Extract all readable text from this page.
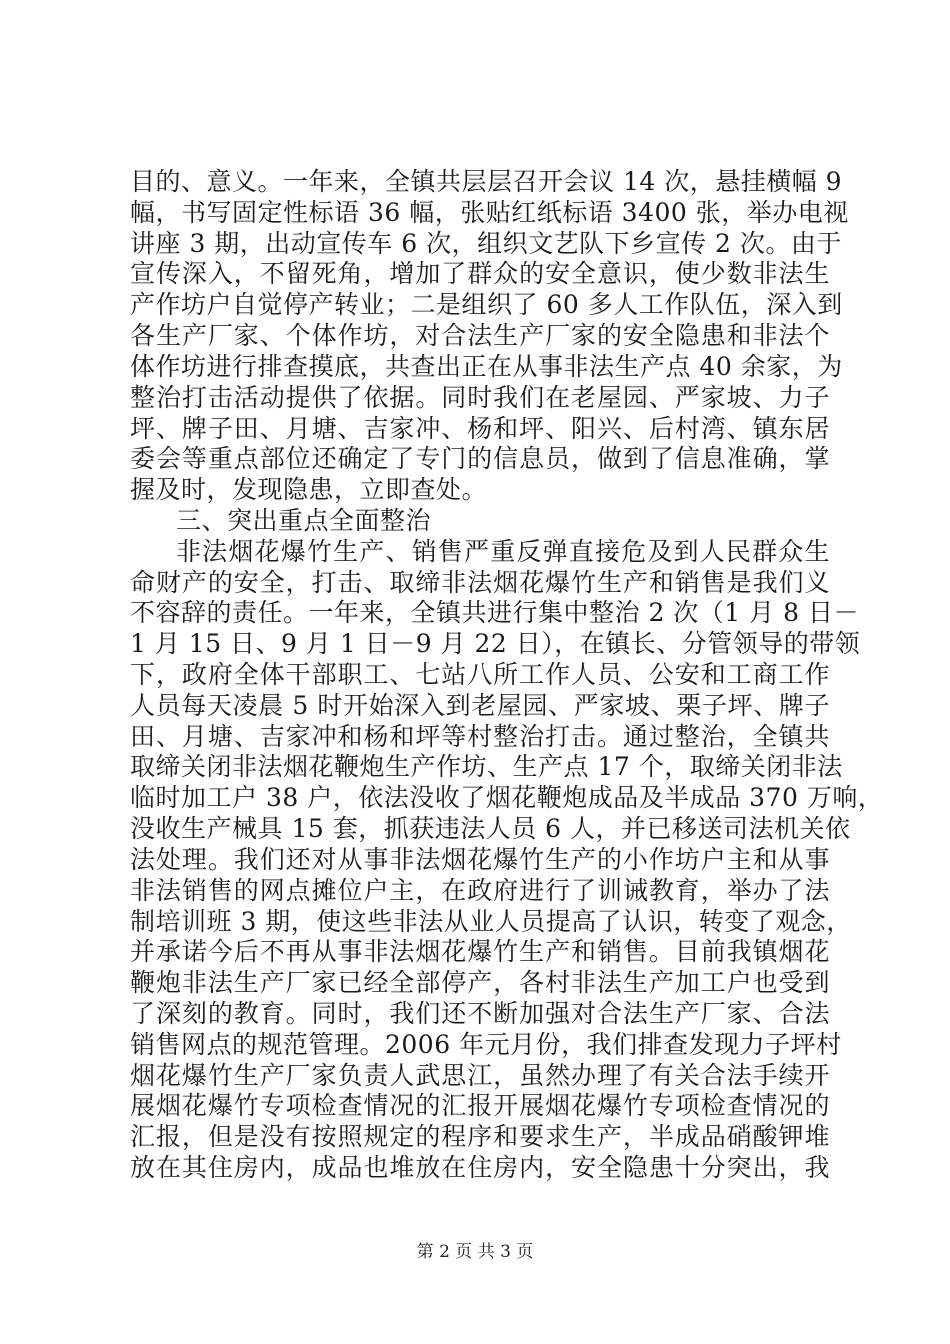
目的、意义。一年来，全镇共层层召开会议 14 次，悬挂横幅 9
幅，书写固定性标语 36 幅，张贴红纸标语 3400 张，举办电视
讲座 3 期，出动宣传车 6 次，组织文艺队下乡宣传 2 次。由于
宣传深入，不留死角，增加了群众的安全意识，使少数非法生
产作坊户自觉停产转业；二是组织了 60 多人工作队伍，深入到
各生产厂家、个体作坊，对合法生产厂家的安全隐患和非法个
体作坊进行排查摸底，共查出正在从事非法生产点 40 余家，为
整治打击活动提供了依据。同时我们在老屋园、严家坡、力子
坪、牌子田、月塘、吉家冲、杨和坪、阳兴、后村湾、镇东居
委会等重点部位还确定了专门的信息员，做到了信息准确，掌
握及时，发现隐患，立即查处。
三、突出重点全面整治
非法烟花爆竹生产、销售严重反弹直接危及到人民群众生
命财产的安全，打击、取缔非法烟花爆竹生产和销售是我们义
不容辞的责任。一年来，全镇共进行集中整治 2 次（1 月 8 日－
1 月 15 日、9 月 1 日－9 月 22 日），在镇长、分管领导的带领
下，政府全体干部职工、七站八所工作人员、公安和工商工作
人员每天凌晨 5 时开始深入到老屋园、严家坡、栗子坪、牌子
田、月塘、吉家冲和杨和坪等村整治打击。通过整治，全镇共
取缔关闭非法烟花鞭炮生产作坊、生产点 17 个，取缔关闭非法
临时加工户 38 户，依法没收了烟花鞭炮成品及半成品 370 万响，
没收生产械具 15 套，抓获违法人员 6 人，并已移送司法机关依
法处理。我们还对从事非法烟花爆竹生产的小作坊户主和从事
非法销售的网点摊位户主，在政府进行了训诫教育，举办了法
制培训班 3 期，使这些非法从业人员提高了认识，转变了观念，
并承诺今后不再从事非法烟花爆竹生产和销售。目前我镇烟花
鞭炮非法生产厂家已经全部停产，各村非法生产加工户也受到
了深刻的教育。同时，我们还不断加强对合法生产厂家、合法
销售网点的规范管理。2006 年元月份，我们排查发现力子坪村
烟花爆竹生产厂家负责人武思江，虽然办理了有关合法手续开
展烟花爆竹专项检查情况的汇报开展烟花爆竹专项检查情况的
汇报，但是没有按照规定的程序和要求生产，半成品硝酸钾堆
放在其住房内，成品也堆放在住房内，安全隐患十分突出，我
第 2 页 共 3 页
